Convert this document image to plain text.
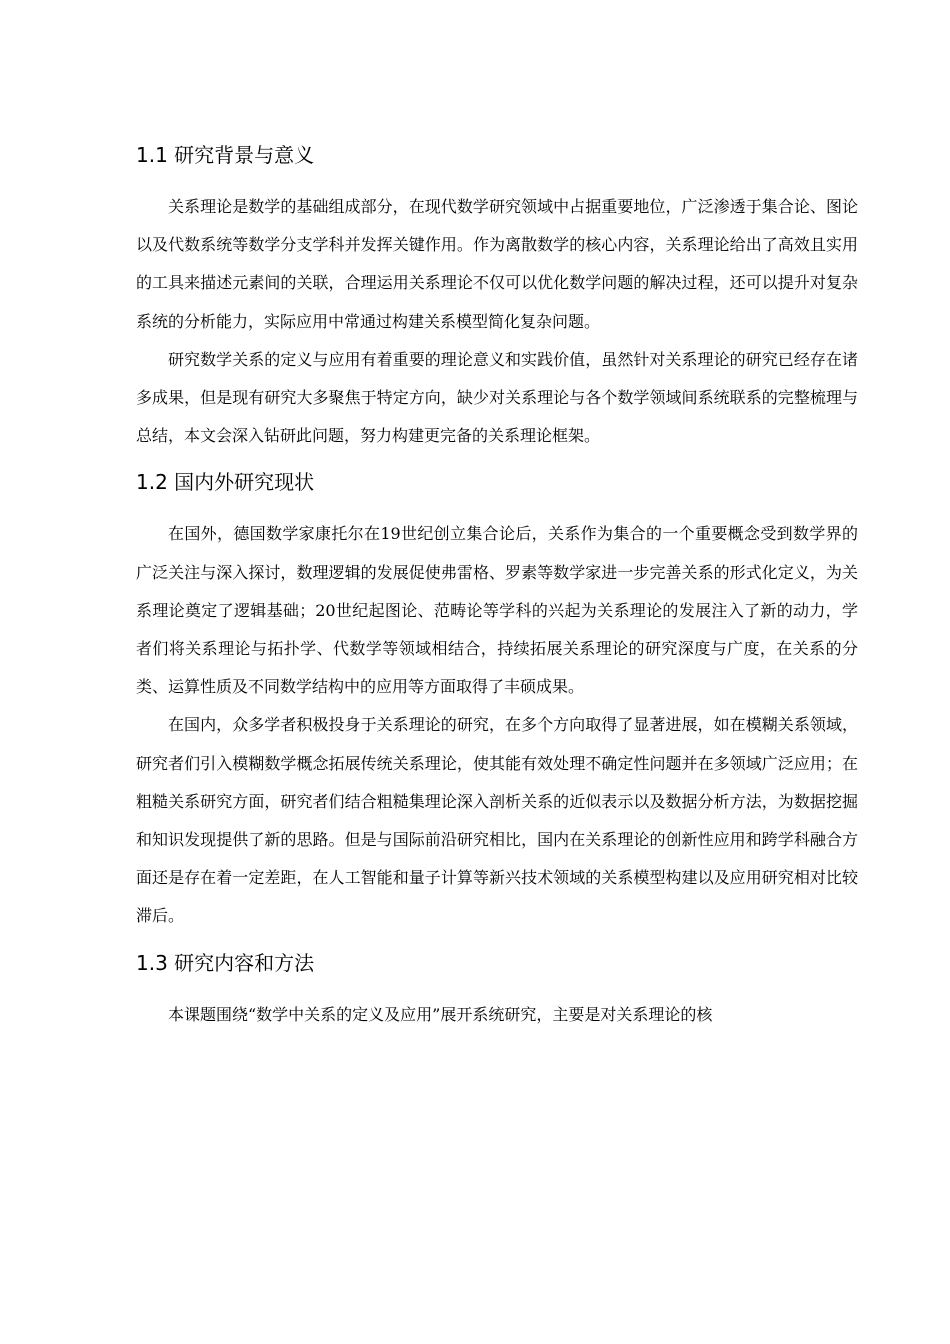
1.1 研究背景与意义

关系理论是数学的基础组成部分，在现代数学研究领域中占据重要地位，广泛渗透于集合论、图论以及代数系统等数学分支学科并发挥关键作用。作为离散数学的核心内容，关系理论给出了高效且实用的工具来描述元素间的关联，合理运用关系理论不仅可以优化数学问题的解决过程，还可以提升对复杂系统的分析能力，实际应用中常通过构建关系模型简化复杂问题。

研究数学关系的定义与应用有着重要的理论意义和实践价值，虽然针对关系理论的研究已经存在诸多成果，但是现有研究大多聚焦于特定方向，缺少对关系理论与各个数学领域间系统联系的完整梳理与总结，本文会深入钻研此问题，努力构建更完备的关系理论框架。

1.2 国内外研究现状

在国外，德国数学家康托尔在19世纪创立集合论后，关系作为集合的一个重要概念受到数学界的广泛关注与深入探讨，数理逻辑的发展促使弗雷格、罗素等数学家进一步完善关系的形式化定义，为关系理论奠定了逻辑基础；20世纪起图论、范畴论等学科的兴起为关系理论的发展注入了新的动力，学者们将关系理论与拓扑学、代数学等领域相结合，持续拓展关系理论的研究深度与广度，在关系的分类、运算性质及不同数学结构中的应用等方面取得了丰硕成果。

在国内，众多学者积极投身于关系理论的研究，在多个方向取得了显著进展，如在模糊关系领域，研究者们引入模糊数学概念拓展传统关系理论，使其能有效处理不确定性问题并在多领域广泛应用；在粗糙关系研究方面，研究者们结合粗糙集理论深入剖析关系的近似表示以及数据分析方法，为数据挖掘和知识发现提供了新的思路。但是与国际前沿研究相比，国内在关系理论的创新性应用和跨学科融合方面还是存在着一定差距，在人工智能和量子计算等新兴技术领域的关系模型构建以及应用研究相对比较滞后。

1.3 研究内容和方法

本课题围绕“数学中关系的定义及应用”展开系统研究，主要是对关系理论的核
